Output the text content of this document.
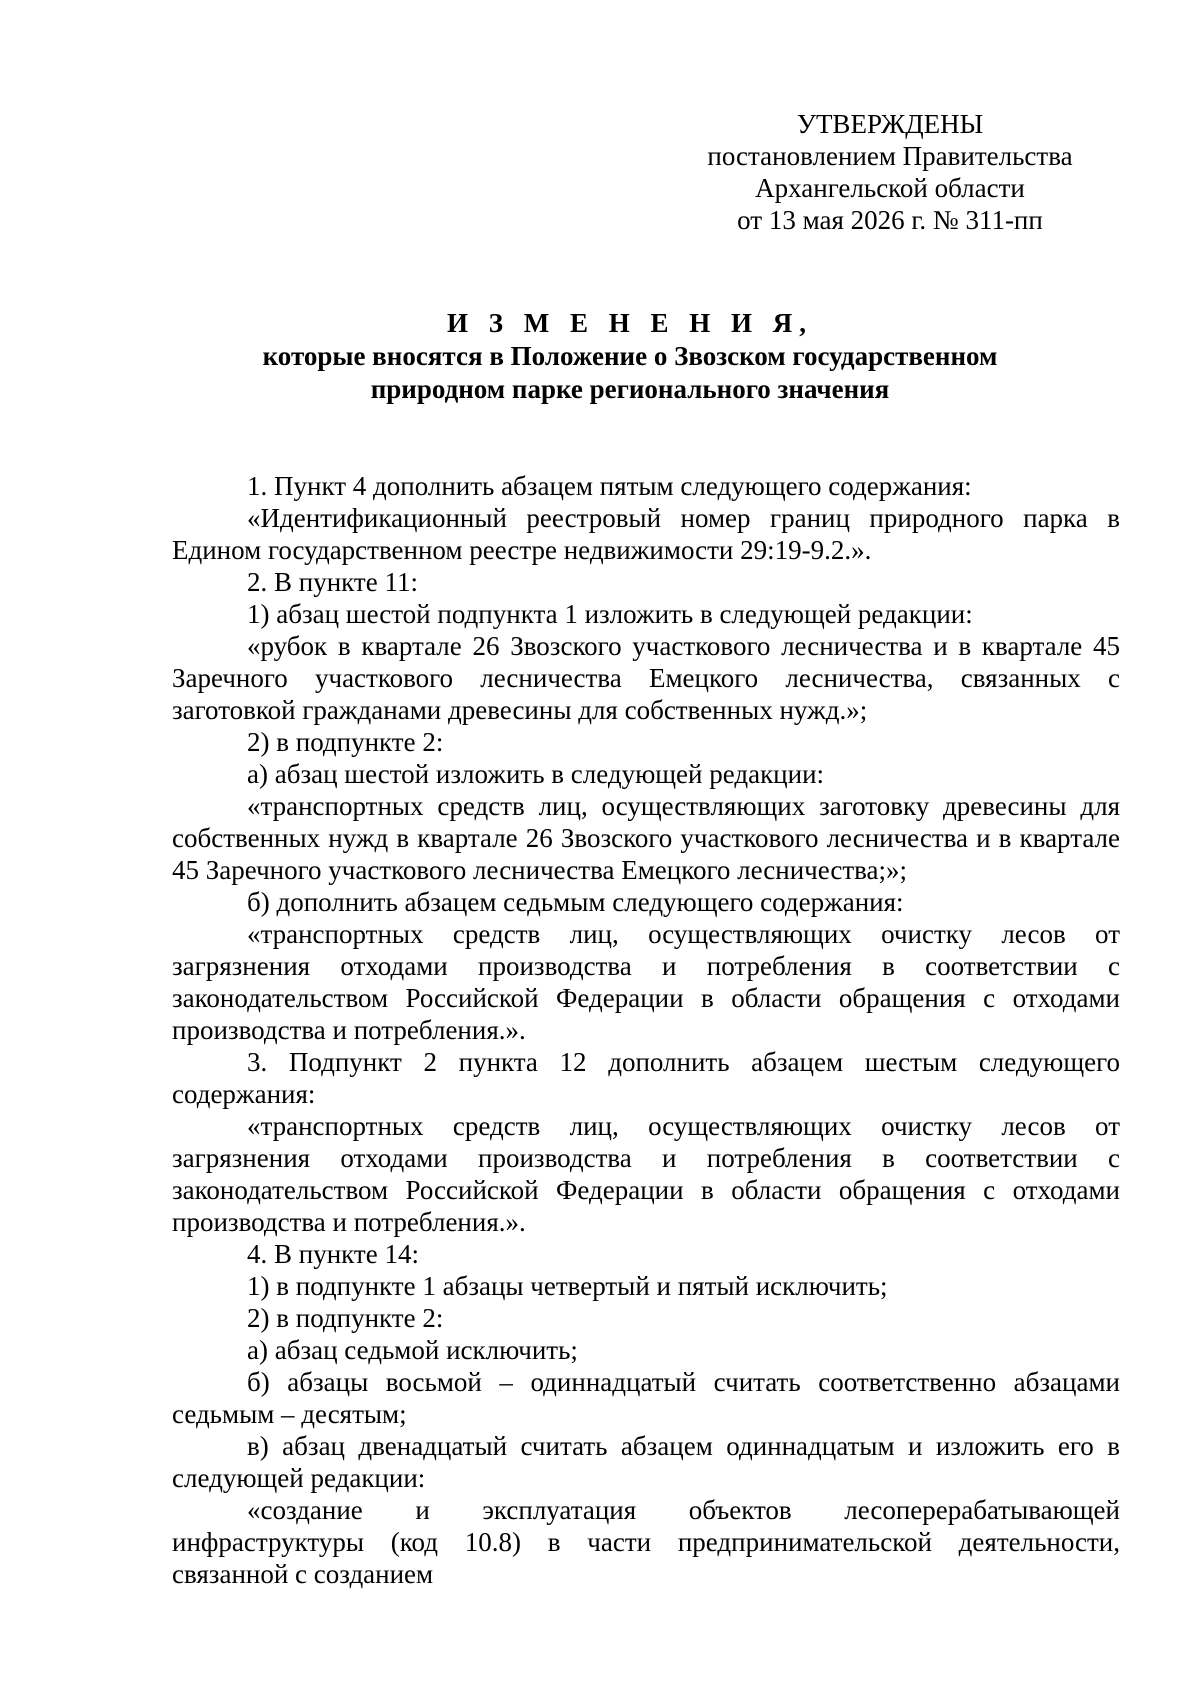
УТВЕРЖДЕНЫ
постановлением Правительства
Архангельской области
от 13 мая 2026 г. № 311-пп
И З М Е Н Е Н И Я,
которые вносятся в Положение о Звозском государственном
природном парке регионального значения

1. Пункт 4 дополнить абзацем пятым следующего содержания:

«Идентификационный реестровый номер границ природного парка в Едином государственном реестре недвижимости 29:19-9.2.».

2. В пункте 11:

1) абзац шестой подпункта 1 изложить в следующей редакции:

«рубок в квартале 26 Звозского участкового лесничества и в квартале 45 Заречного участкового лесничества Емецкого лесничества, связанных с заготовкой гражданами древесины для собственных нужд.»;

2) в подпункте 2:

а) абзац шестой изложить в следующей редакции:

«транспортных средств лиц, осуществляющих заготовку древесины для собственных нужд в квартале 26 Звозского участкового лесничества и в квартале 45 Заречного участкового лесничества Емецкого лесничества;»;

б) дополнить абзацем седьмым следующего содержания:

«транспортных средств лиц, осуществляющих очистку лесов от загрязнения отходами производства и потребления в соответствии с законодательством Российской Федерации в области обращения с отходами производства и потребления.».

3. Подпункт 2 пункта 12 дополнить абзацем шестым следующего содержания:

«транспортных средств лиц, осуществляющих очистку лесов от загрязнения отходами производства и потребления в соответствии с законодательством Российской Федерации в области обращения с отходами производства и потребления.».

4. В пункте 14:

1) в подпункте 1 абзацы четвертый и пятый исключить;

2) в подпункте 2:

а) абзац седьмой исключить;

б) абзацы восьмой – одиннадцатый считать соответственно абзацами седьмым – десятым;

в) абзац двенадцатый считать абзацем одиннадцатым и изложить его в следующей редакции:

«создание и эксплуатация объектов лесоперерабатывающей инфраструктуры (код 10.8) в части предпринимательской деятельности, связанной с созданием
